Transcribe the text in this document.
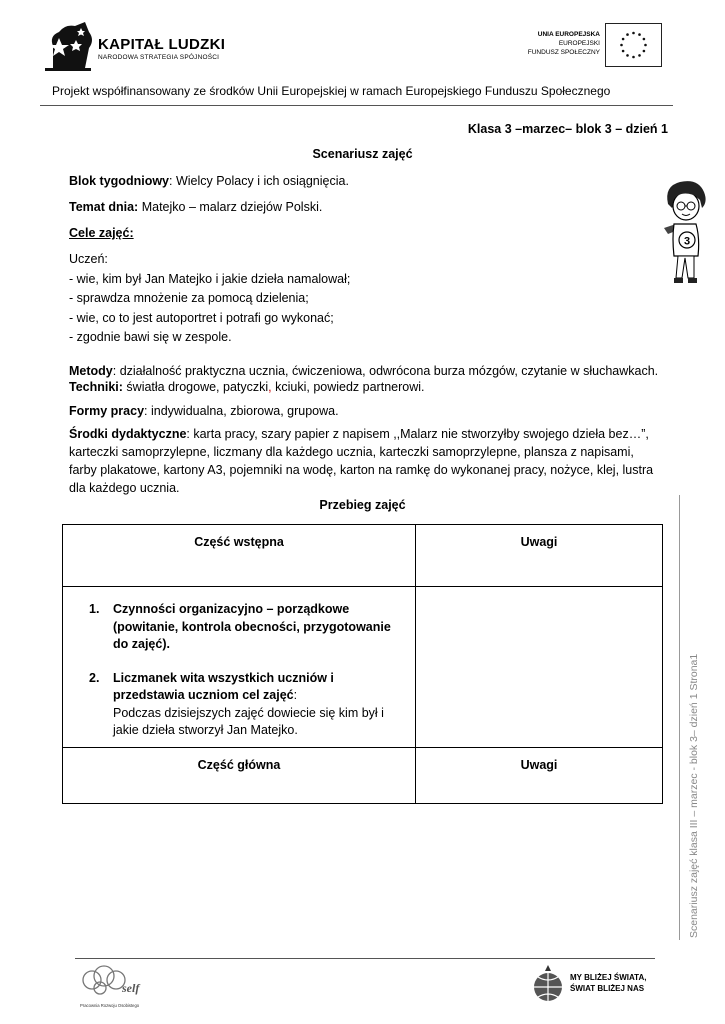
KAPITAŁ LUDZKI
NARODOWA STRATEGIA SPÓJNOŚCI
UNIA EUROPEJSKA
EUROPEJSKI
FUNDUSZ SPOŁECZNY
Projekt współfinansowany ze środków Unii Europejskiej w ramach Europejskiego Funduszu Społecznego
Klasa 3 –marzec– blok 3 – dzień 1
Scenariusz zajęć
Blok tygodniowy: Wielcy Polacy i ich osiągnięcia.
Temat dnia: Matejko – malarz dziejów Polski.
Cele zajęć:
Uczeń:
- wie, kim był Jan Matejko i jakie dzieła namalował;
- sprawdza mnożenie za pomocą dzielenia;
- wie, co to jest autoportret i potrafi go wykonać;
- zgodnie bawi się w zespole.
Metody: działalność praktyczna ucznia, ćwiczeniowa, odwrócona burza mózgów, czytanie w słuchawkach.
Techniki: światła drogowe, patyczki, kciuki, powiedz partnerowi.
Formy pracy: indywidualna, zbiorowa, grupowa.
Środki dydaktyczne: karta pracy, szary papier z napisem ,,Malarz nie stworzyłby swojego dzieła bez…”, karteczki samoprzylepne, liczmany dla każdego ucznia, karteczki samoprzylepne, plansza z napisami, farby plakatowe, kartony A3, pojemniki na wodę, karton na ramkę do wykonanej pracy, nożyce, klej, lustra dla każdego ucznia.
Przebieg zajęć
Część wstępna	Uwagi

1. Czynności organizacyjno – porządkowe (powitanie, kontrola obecności, przygotowanie do zajęć).
2. Liczmanek wita wszystkich uczniów i przedstawia uczniom cel zajęć:
Podczas dzisiejszych zajęć dowiecie się kim był i jakie dzieła stworzył Jan Matejko.	

Część główna	Uwagi
3
Scenariusz zajęć klasa III – marzec - blok 3– dzień 1 Strona1
self
Pracownia Rozwoju Osobistego
MY BLIŻEJ ŚWIATA,
ŚWIAT BLIŻEJ NAS
